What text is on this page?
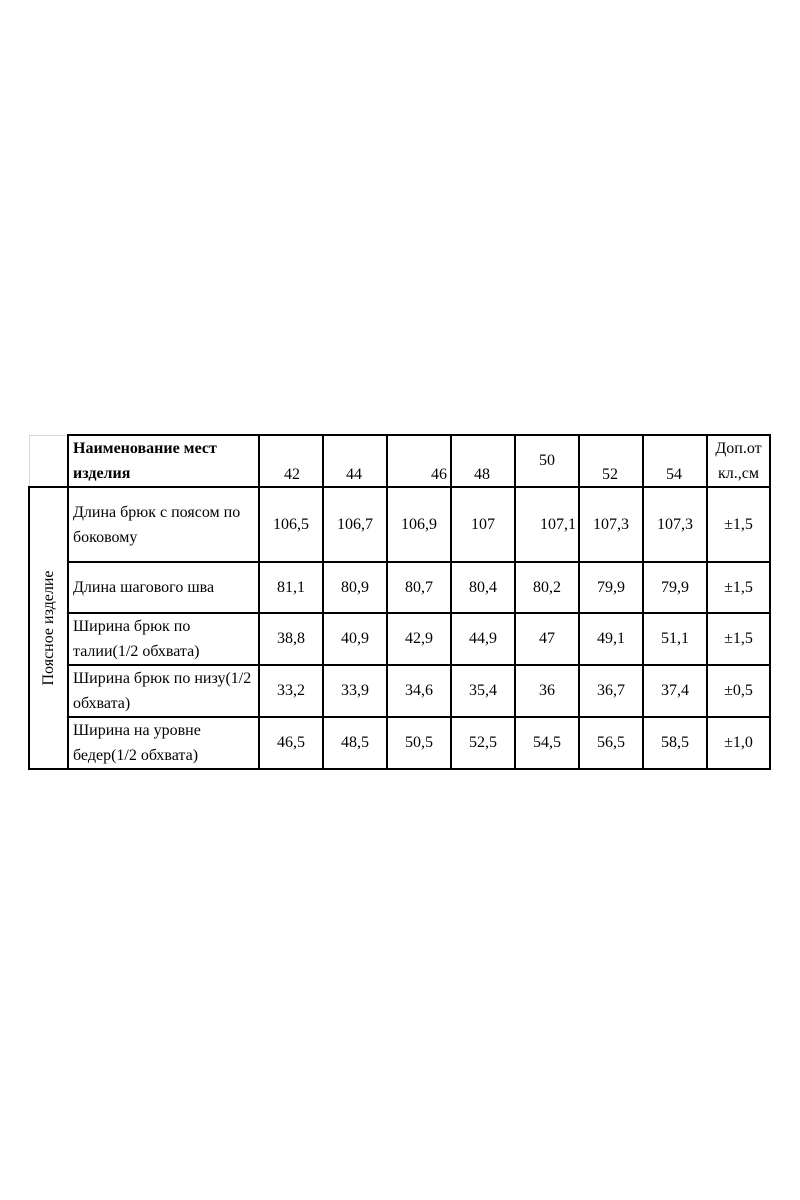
	Наименование мест изделия	42	44	46	48	50	52	54	Доп.от кл.,см

Поясное изделие	Длина брюк с поясом по боковому	106,5	106,7	106,9	107	107,1	107,3	107,3	±1,5
	Длина шагового шва	81,1	80,9	80,7	80,4	80,2	79,9	79,9	±1,5
	Ширина брюк по талии(1/2 обхвата)	38,8	40,9	42,9	44,9	47	49,1	51,1	±1,5
	Ширина брюк по низу(1/2 обхвата)	33,2	33,9	34,6	35,4	36	36,7	37,4	±0,5
	Ширина на уровне бедер(1/2 обхвата)	46,5	48,5	50,5	52,5	54,5	56,5	58,5	±1,0
